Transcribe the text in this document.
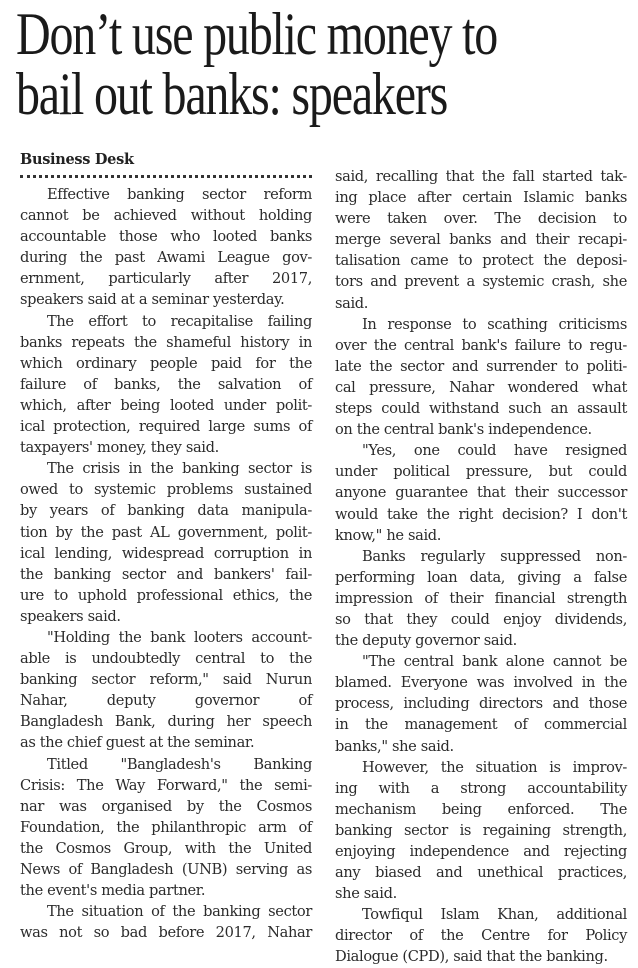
Don’t use public money to
bail out banks: speakers
Business Desk
Effective banking sector reform
cannot be achieved without holding
accountable those who looted banks
during the past Awami League gov-
ernment, particularly after 2017,
speakers said at a seminar yesterday.
The effort to recapitalise failing
banks repeats the shameful history in
which ordinary people paid for the
failure of banks, the salvation of
which, after being looted under polit-
ical protection, required large sums of
taxpayers' money, they said.
The crisis in the banking sector is
owed to systemic problems sustained
by years of banking data manipula-
tion by the past AL government, polit-
ical lending, widespread corruption in
the banking sector and bankers' fail-
ure to uphold professional ethics, the
speakers said.
"Holding the bank looters account-
able is undoubtedly central to the
banking sector reform," said Nurun
Nahar, deputy governor of
Bangladesh Bank, during her speech
as the chief guest at the seminar.
Titled "Bangladesh's Banking
Crisis: The Way Forward," the semi-
nar was organised by the Cosmos
Foundation, the philanthropic arm of
the Cosmos Group, with the United
News of Bangladesh (UNB) serving as
the event's media partner.
The situation of the banking sector
was not so bad before 2017, Nahar
said, recalling that the fall started tak-
ing place after certain Islamic banks
were taken over. The decision to
merge several banks and their recapi-
talisation came to protect the deposi-
tors and prevent a systemic crash, she
said.
In response to scathing criticisms
over the central bank's failure to regu-
late the sector and surrender to politi-
cal pressure, Nahar wondered what
steps could withstand such an assault
on the central bank's independence.
"Yes, one could have resigned
under political pressure, but could
anyone guarantee that their successor
would take the right decision? I don't
know," he said.
Banks regularly suppressed non-
performing loan data, giving a false
impression of their financial strength
so that they could enjoy dividends,
the deputy governor said.
"The central bank alone cannot be
blamed. Everyone was involved in the
process, including directors and those
in the management of commercial
banks," she said.
However, the situation is improv-
ing with a strong accountability
mechanism being enforced. The
banking sector is regaining strength,
enjoying independence and rejecting
any biased and unethical practices,
she said.
Towfiqul Islam Khan, additional
director of the Centre for Policy
Dialogue (CPD), said that the banking.
